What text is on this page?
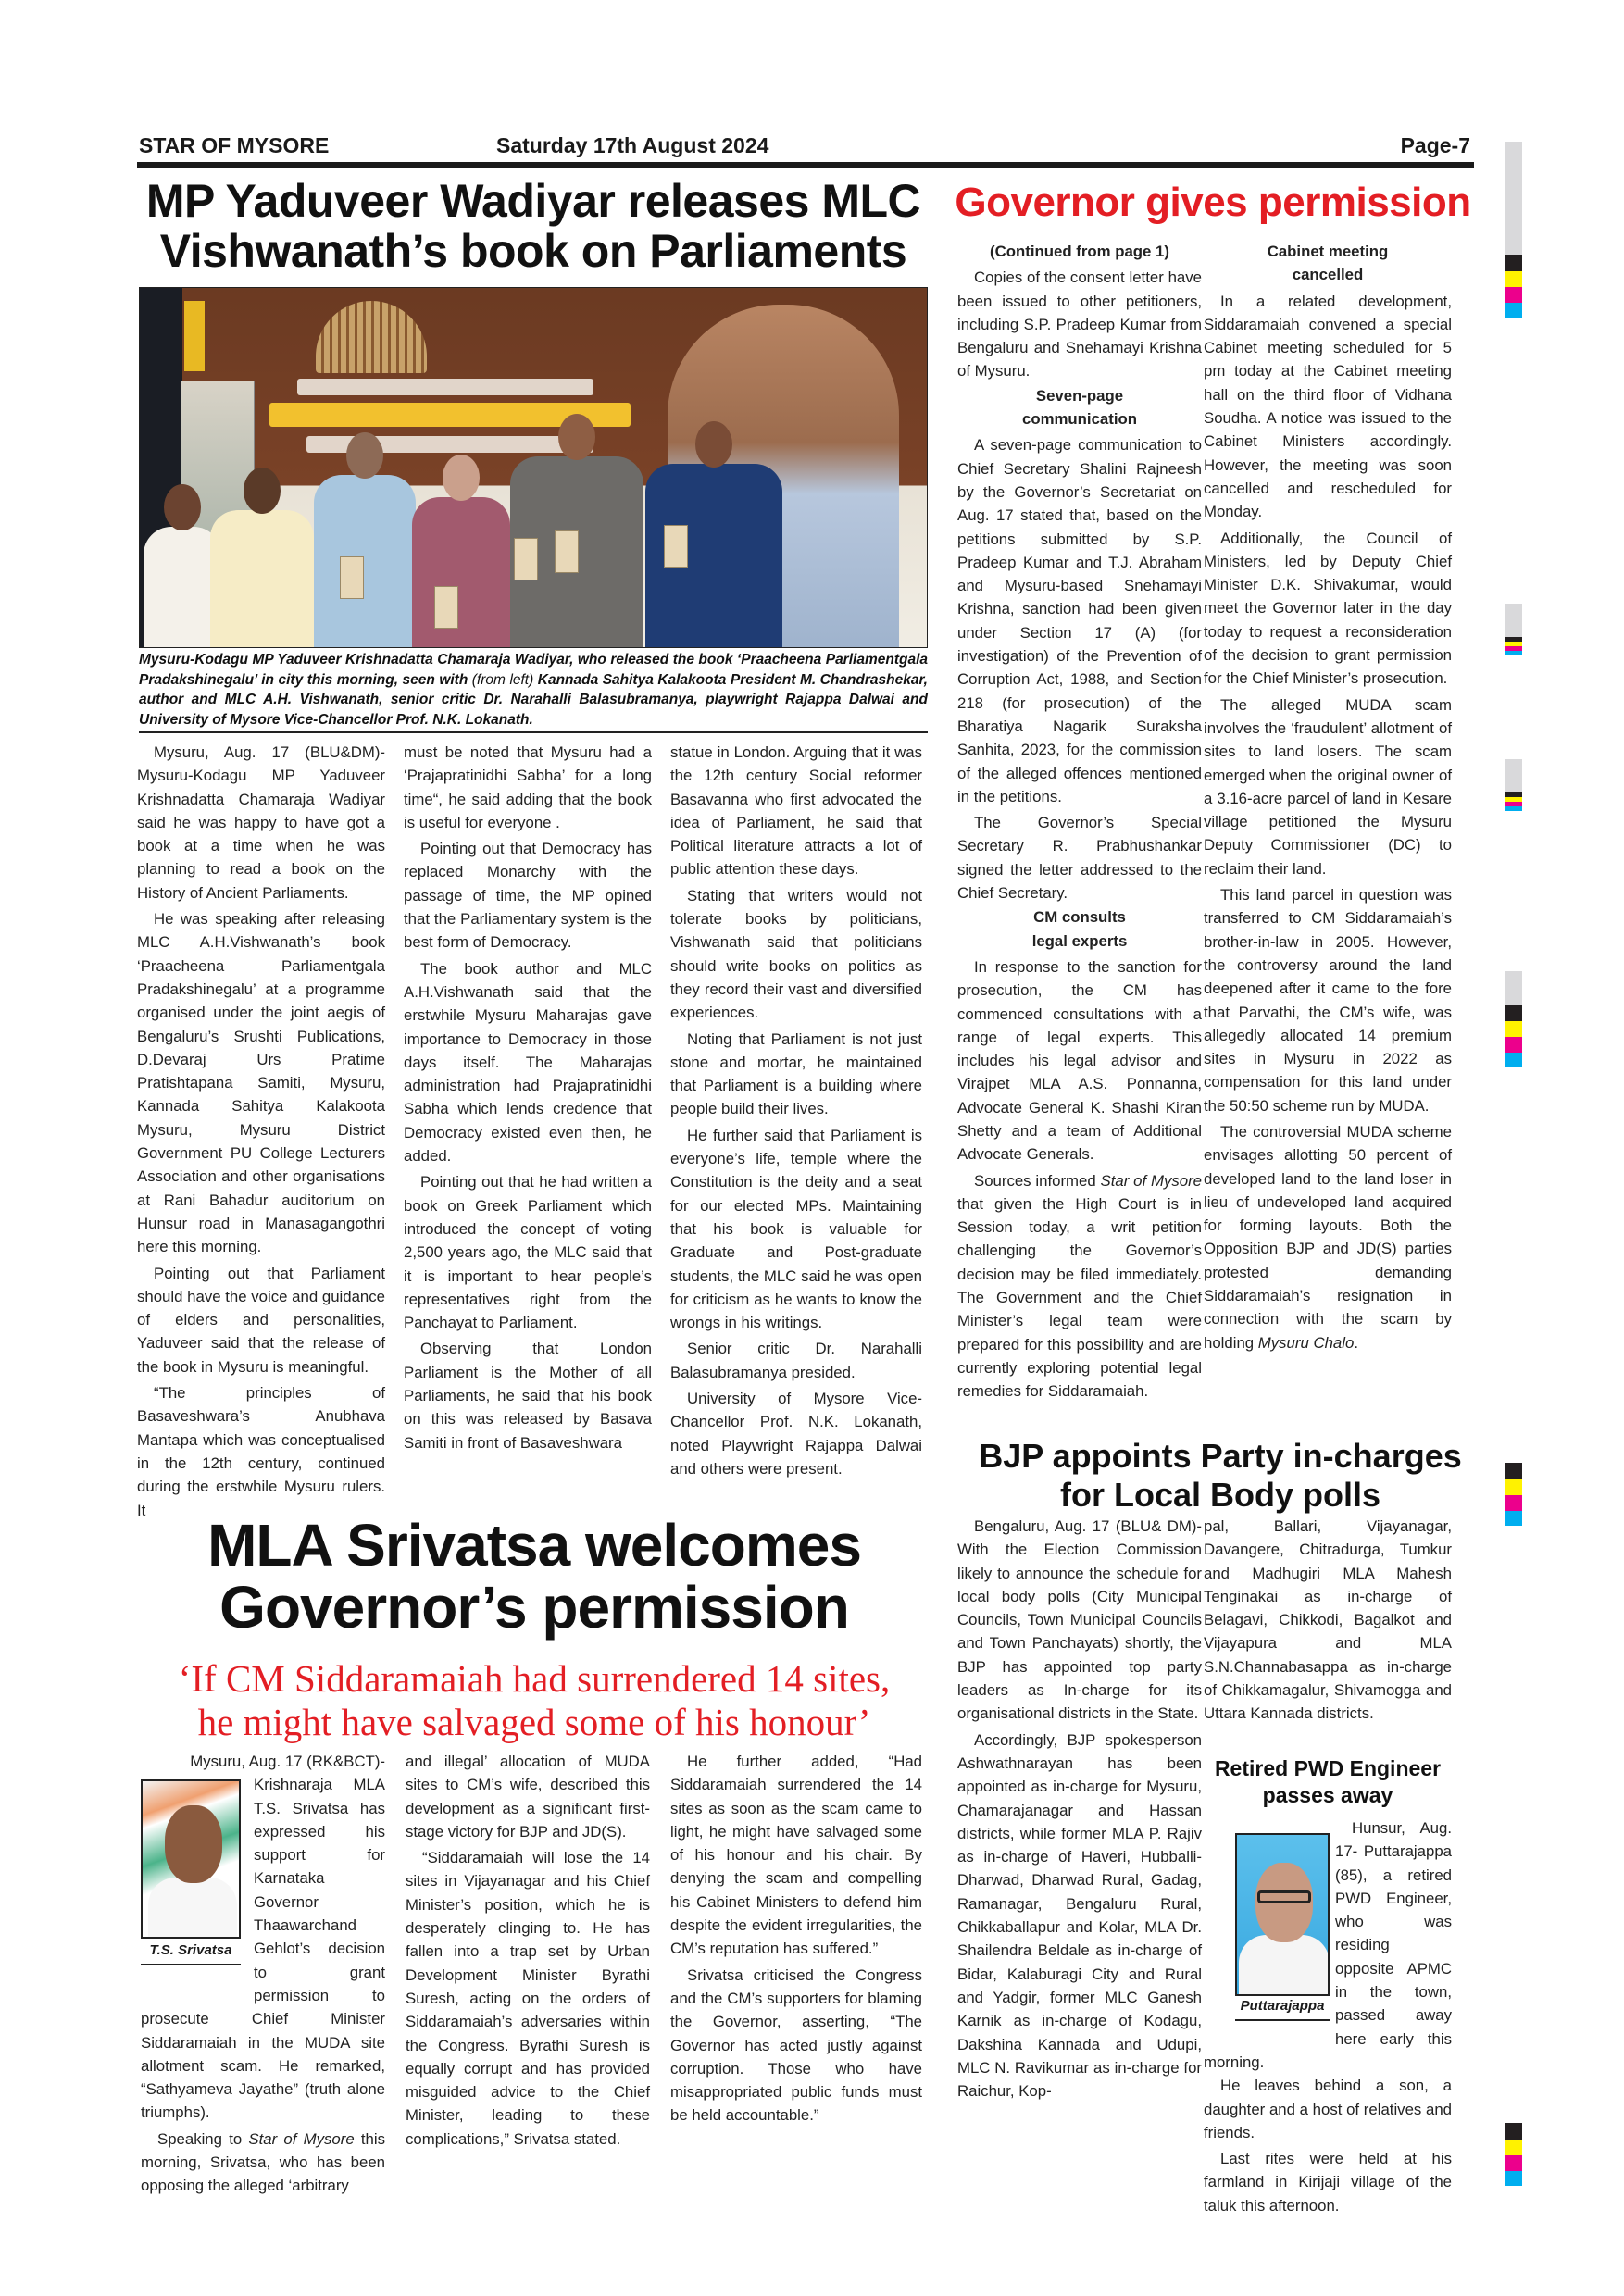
STAR OF MYSORE	Saturday 17th August 2024	Page-7
MP Yaduveer Wadiyar releases MLC
Vishwanath’s book on Parliaments
Mysuru-Kodagu MP Yaduveer Krishnadatta Chamaraja Wadiyar, who released the book ‘Praacheena Parliamentgala Pradakshinegalu’ in city this morning, seen with (from left) Kannada Sahitya Kalakoota President M. Chandrashekar, author and MLC A.H. Vishwanath, senior critic Dr. Narahalli Balasubramanya, playwright Rajappa Dalwai and University of Mysore Vice-Chancellor Prof. N.K. Lokanath.

Mysuru, Aug. 17 (BLU&DM)- Mysuru-Kodagu MP Yaduveer Krishnadatta Chamaraja Wadiyar said he was happy to have got a book at a time when he was planning to read a book on the History of Ancient Parliaments.

He was speaking after releasing MLC A.H.Vishwanath’s book ‘Praacheena Parliamentgala Pradakshinegalu’ at a programme organised under the joint aegis of Bengaluru’s Srushti Publications, D.Devaraj Urs Pratime Pratishtapana Samiti, Mysuru, Kannada Sahitya Kalakoota Mysuru, Mysuru District Government PU College Lecturers Association and other organisations at Rani Bahadur auditorium on Hunsur road in Manasagangothri here this morning.

Pointing out that Parliament should have the voice and guidance of elders and personalities, Yaduveer said that the release of the book in Mysuru is meaningful.

“The principles of Basaveshwara’s Anubhava Mantapa which was conceptualised in the 12th century, continued during the erstwhile Mysuru rulers. It

must be noted that Mysuru had a ‘Prajapratinidhi Sabha’ for a long time“, he said adding that the book is useful for everyone .

Pointing out that Democracy has replaced Monarchy with the passage of time, the MP opined that the Parliamentary system is the best form of Democracy.

The book author and MLC A.H.Vishwanath said that the erstwhile Mysuru Maharajas gave importance to Democracy in those days itself. The Maharajas administration had Prajapratinidhi Sabha which lends credence that Democracy existed even then, he added.

Pointing out that he had written a book on Greek Parliament which introduced the concept of voting 2,500 years ago, the MLC said that it is important to hear people’s representatives right from the Panchayat to Parliament.

Observing that London Parliament is the Mother of all Parliaments, he said that his book on this was released by Basava Samiti in front of Basaveshwara

statue in London. Arguing that it was the 12th century Social reformer Basavanna who first advocated the idea of Parliament, he said that Political literature attracts a lot of public attention these days.

Stating that writers would not tolerate books by politicians, Vishwanath said that politicians should write books on politics as they record their vast and diversified experiences.

Noting that Parliament is not just stone and mortar, he maintained that Parliament is a building where people build their lives.

He further said that Parliament is everyone’s life, temple where the Constitution is the deity and a seat for our elected MPs. Maintaining that his book is valuable for Graduate and Post-graduate students, the MLC said he was open for criticism as he wants to know the wrongs in his writings.

Senior critic Dr. Narahalli Balasubramanya presided.

University of Mysore Vice-Chancellor Prof. N.K. Lokanath, noted Playwright Rajappa Dalwai and others were present.

Governor gives permission

(Continued from page 1)

Copies of the consent letter have been issued to other petitioners, including S.P. Pradeep Kumar from Bengaluru and Snehamayi Krishna of Mysuru.

Seven-page

communication

A seven-page communication to Chief Secretary Shalini Rajneesh by the Governor’s Secretariat on Aug. 17 stated that, based on the petitions submitted by S.P. Pradeep Kumar and T.J. Abraham and Mysuru-based Snehamayi Krishna, sanction had been given under Section 17 (A) (for investigation) of the Prevention of Corruption Act, 1988, and Section 218 (for prosecution) of the Bharatiya Nagarik Suraksha Sanhita, 2023, for the commission of the alleged offences mentioned in the petitions.

The Governor’s Special Secretary R. Prabhushankar signed the letter addressed to the Chief Secretary.

CM consults

legal experts

In response to the sanction for prosecution, the CM has commenced consultations with a range of legal experts. This includes his legal advisor and Virajpet MLA A.S. Ponnanna, Advocate General K. Shashi Kiran Shetty and a team of Additional Advocate Generals.

Sources informed Star of Mysore that given the High Court is in Session today, a writ petition challenging the Governor’s decision may be filed immediately. The Government and the Chief Minister’s legal team were prepared for this possibility and are currently exploring potential legal remedies for Siddaramaiah.

Cabinet meeting

cancelled

In a related development, Siddaramaiah convened a special Cabinet meeting scheduled for 5 pm today at the Cabinet meeting hall on the third floor of Vidhana Soudha. A notice was issued to the Cabinet Ministers accordingly. However, the meeting was soon cancelled and rescheduled for Monday.

Additionally, the Council of Ministers, led by Deputy Chief Minister D.K. Shivakumar, would meet the Governor later in the day today to request a reconsideration of the decision to grant permission for the Chief Minister’s prosecution.

The alleged MUDA scam involves the ‘fraudulent’ allotment of sites to land losers. The scam emerged when the original owner of a 3.16-acre parcel of land in Kesare village petitioned the Mysuru Deputy Commissioner (DC) to reclaim their land.

This land parcel in question was transferred to CM Siddaramaiah’s brother-in-law in 2005. However, the controversy around the land deepened after it came to the fore that Parvathi, the CM’s wife, was allegedly allocated 14 premium sites in Mysuru in 2022 as compensation for this land under the 50:50 scheme run by MUDA.

The controversial MUDA scheme envisages allotting 50 percent of developed land to the land loser in lieu of undeveloped land acquired for forming layouts. Both the Opposition BJP and JD(S) parties protested demanding Siddaramaiah’s resignation in connection with the scam by holding Mysuru Chalo.

BJP appoints Party in-charges
for Local Body polls

Bengaluru, Aug. 17 (BLU& DM)- With the Election Commission likely to announce the schedule for local body polls (City Municipal Councils, Town Municipal Councils and Town Panchayats) shortly, the BJP has appointed top party leaders as In-charge for its organisational districts in the State.

Accordingly, BJP spokesperson Ashwathnarayan has been appointed as in-charge for Mysuru, Chamarajanagar and Hassan districts, while former MLA P. Rajiv as in-charge of Haveri, Hubballi-Dharwad, Dharwad Rural, Gadag, Ramanagar, Bengaluru Rural, Chikkaballapur and Kolar, MLA Dr. Shailendra Beldale as in-charge of Bidar, Kalaburagi City and Rural and Yadgir, former MLC Ganesh Karnik as in-charge of Kodagu, Dakshina Kannada and Udupi, MLC N. Ravikumar as in-charge for Raichur, Kop-

pal, Ballari, Vijayanagar, Davangere, Chitradurga, Tumkur and Madhugiri MLA Mahesh Tenginakai as in-charge of Belagavi, Chikkodi, Bagalkot and Vijayapura and MLA S.N.Channabasappa as in-charge of Chikkamagalur, Shivamogga and Uttara Kannada districts.

Retired PWD Engineer
passes away

Hunsur, Aug. 17- Puttarajappa (85), a retired PWD Engineer, who was residing opposite APMC in the town, passed away here early this morning.

He leaves behind a son, a daughter and a host of relatives and friends.

Last rites were held at his farmland in Kirijaji village of the taluk this afternoon.

Puttarajappa
MLA Srivatsa welcomes
Governor’s permission
‘If CM Siddaramaiah had surrendered 14 sites,
he might have salvaged some of his honour’

Mysuru, Aug. 17 (RK&BCT)-

Krishnaraja MLA T.S. Srivatsa has expressed his support for Karnataka Governor Thaawarchand Gehlot’s decision to grant permission to prosecute Chief Minister Siddaramaiah in the MUDA site allotment scam. He remarked, “Sathyameva Jayathe” (truth alone triumphs).

Speaking to Star of Mysore this morning, Srivatsa, who has been opposing the alleged ‘arbitrary

T.S. Srivatsa

and illegal’ allocation of MUDA sites to CM’s wife, described this development as a significant first-stage victory for BJP and JD(S).

“Siddaramaiah will lose the 14 sites in Vijayanagar and his Chief Minister’s position, which he is desperately clinging to. He has fallen into a trap set by Urban Development Minister Byrathi Suresh, acting on the orders of Siddaramaiah’s adversaries within the Congress. Byrathi Suresh is equally corrupt and has provided misguided advice to the Chief Minister, leading to these complications,” Srivatsa stated.

He further added, “Had Siddaramaiah surrendered the 14 sites as soon as the scam came to light, he might have salvaged some of his honour and his chair. By denying the scam and compelling his Cabinet Ministers to defend him despite the evident irregularities, the CM’s reputation has suffered.”

Srivatsa criticised the Congress and the CM’s supporters for blaming the Governor, asserting, “The Governor has acted justly against corruption. Those who have misappropriated public funds must be held accountable.”
